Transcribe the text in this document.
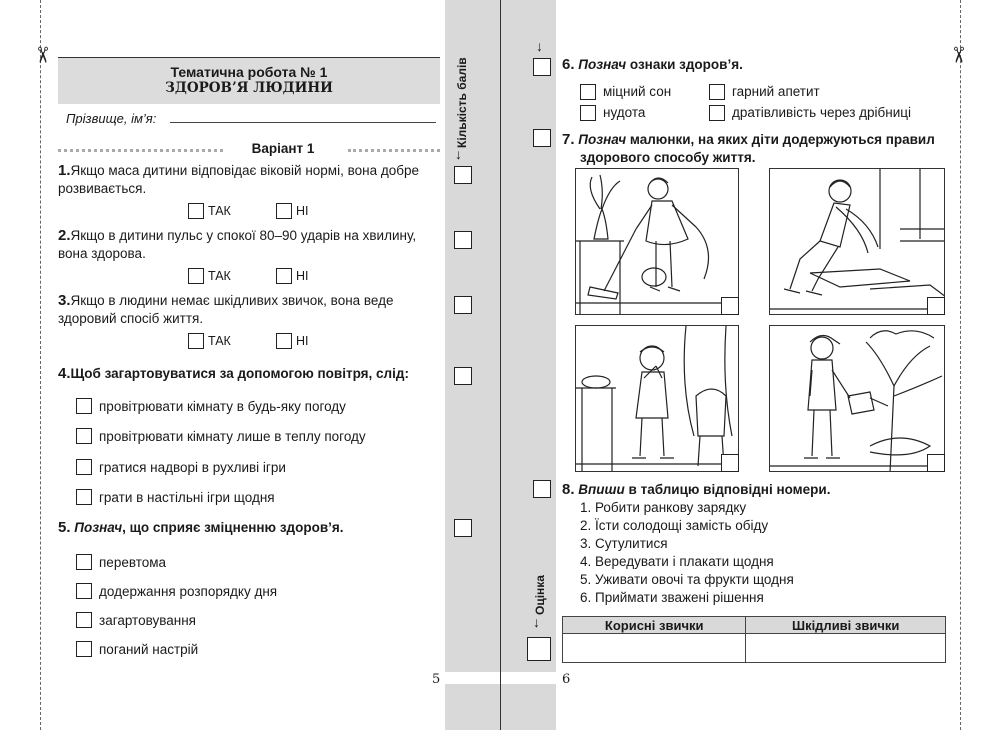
✂	✂
Кількість балів
↓
↓
Оцінка
↓
Тематична робота № 1
ЗДОРОВ’Я ЛЮДИНИ
Прізвище, ім’я:
Варіант 1
1.Якщо маса дитини відповідає віковій нормі, вона добре розвивається.
ТАК	НІ
2.Якщо в дитини пульс у спокої 80–90 ударів на хвилину, вона здорова.
ТАК	НІ
3.Якщо в людини немає шкідливих звичок, вона веде здоровий спосіб життя.
ТАК	НІ
4.Щоб загартовуватися за допомогою повітря, слід:
провітрювати кімнату в будь-яку погоду
провітрювати кімнату лише в теплу погоду
гратися надворі в рухливі ігри
грати в настільні ігри щодня
5. Познач, що сприяє зміцненню здоров’я.
перевтома
додержання розпорядку дня
загартовування
поганий настрій
5
6. Познач ознаки здоров’я.
міцний сон	гарний апетит
нудота	дратівливість через дрібниці
7. Познач малюнки, на яких діти додержуються правил
здорового способу життя.
8. Впиши в таблицю відповідні номери.
1. Робити ранкову зарядку
2. Їсти солодощі замість обіду
3. Сутулитися
4. Вередувати і плакати щодня
5. Уживати овочі та фрукти щодня
6. Приймати зважені рішення
Корисні звички	Шкідливі звички

6
